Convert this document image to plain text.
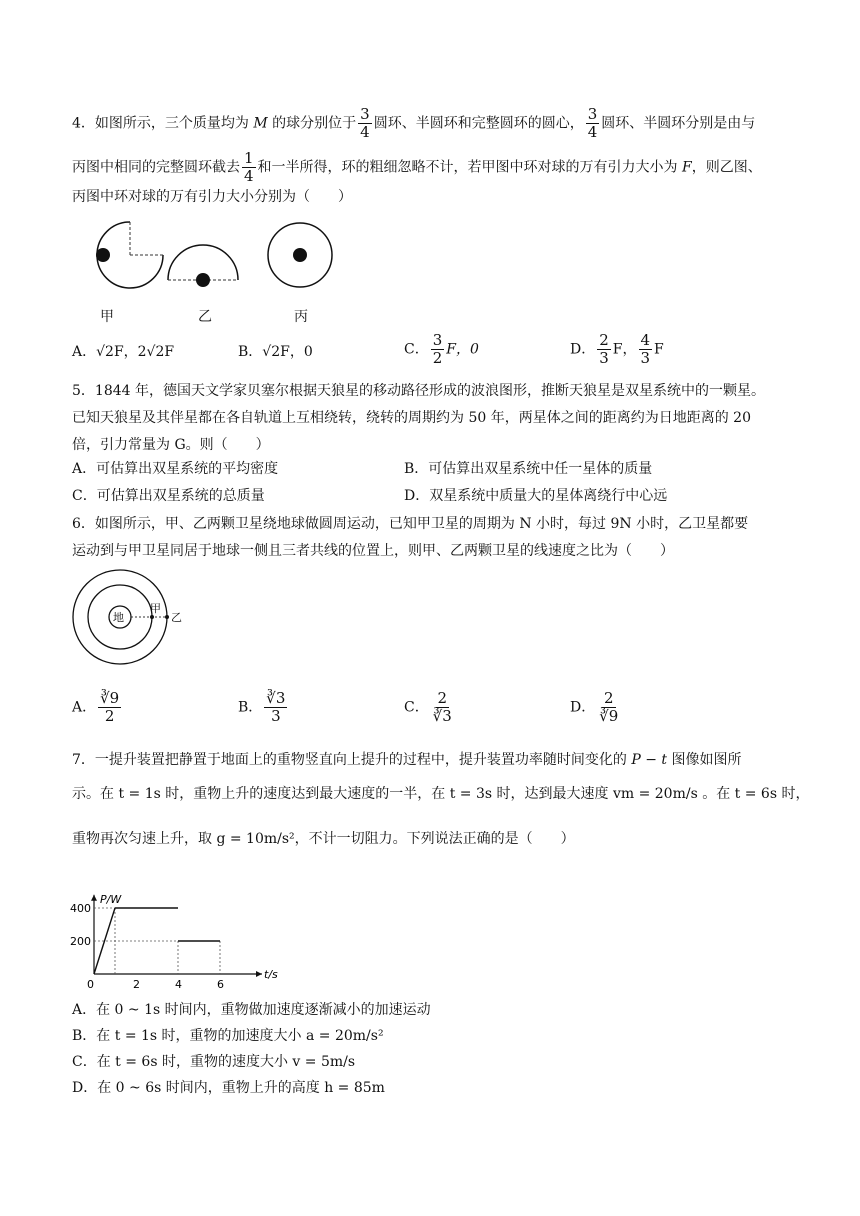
4．如图所示，三个质量均为 M 的球分别位于 $\frac{3}{4}$ 圆环、半圆环和完整圆环的圆心， $\frac{3}{4}$ 圆环、半圆环分别是由与
丙图中相同的完整圆环截去 $\frac{1}{4}$ 和一半所得，环的粗细忽略不计，若甲图中环对球的万有引力大小为 F，则乙图、
丙图中环对球的万有引力大小分别为（　　）
甲	乙	丙
A．√2F，2√2F	B．√2F，0	C． $\frac{3}{2}$ F，0	D． $\frac{2}{3}$ F， $\frac{4}{3}$ F
5．1844 年，德国天文学家贝塞尔根据天狼星的移动路径形成的波浪图形，推断天狼星是双星系统中的一颗星。
已知天狼星及其伴星都在各自轨道上互相绕转，绕转的周期约为 50 年，两星体之间的距离约为日地距离的 20
倍，引力常量为 G。则（　　）
A．可估算出双星系统的平均密度	B．可估算出双星系统中任一星体的质量
C．可估算出双星系统的总质量	D．双星系统中质量大的星体离绕行中心远
6．如图所示，甲、乙两颗卫星绕地球做圆周运动，已知甲卫星的周期为 N 小时，每过 9N 小时，乙卫星都要
运动到与甲卫星同居于地球一侧且三者共线的位置上，则甲、乙两颗卫星的线速度之比为（　　）
地
甲
乙
A． $\frac{∛9}{2}$	B． $\frac{∛3}{3}$	C． $\frac{2}{∛3}$	D． $\frac{2}{∛9}$
7．一提升装置把静置于地面上的重物竖直向上提升的过程中，提升装置功率随时间变化的 P − t 图像如图所
示。在 t = 1s 时，重物上升的速度达到最大速度的一半，在 t = 3s 时，达到最大速度 vm = 20m/s 。在 t = 6s 时，
重物再次匀速上升，取 g = 10m/s²，不计一切阻力。下列说法正确的是（　　）
t/s
P/W
0	2	4	6
200
400
A．在 0 ~ 1s 时间内，重物做加速度逐渐减小的加速运动
B．在 t = 1s 时，重物的加速度大小 a = 20m/s²
C．在 t = 6s 时，重物的速度大小 v = 5m/s
D．在 0 ~ 6s 时间内，重物上升的高度 h = 85m
